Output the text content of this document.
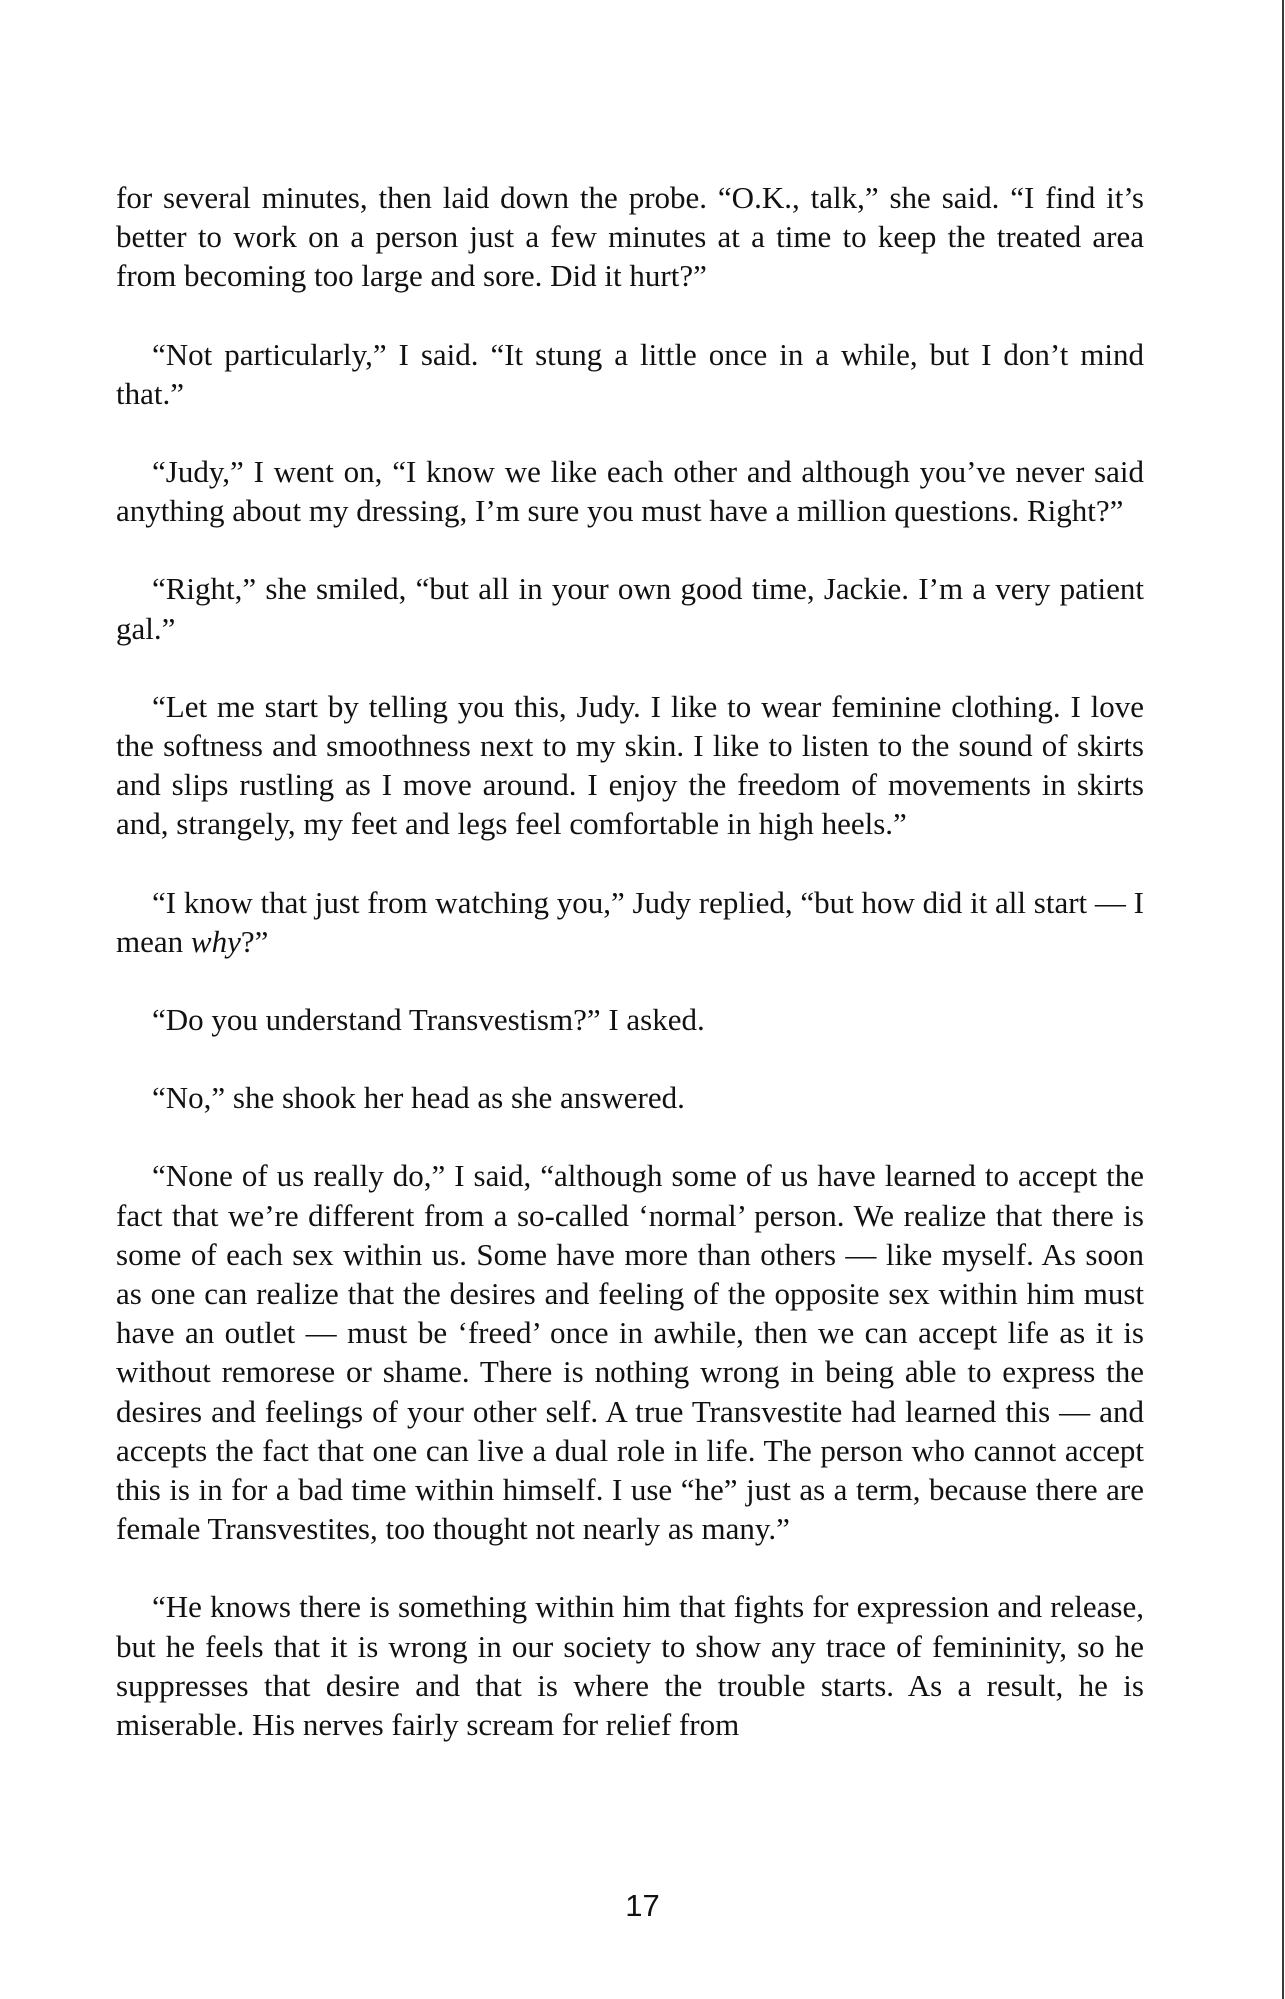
for several minutes, then laid down the probe. “O.K., talk,” she said. “I find it’s better to work on a person just a few minutes at a time to keep the treated area from becoming too large and sore. Did it hurt?”

“Not particularly,” I said. “It stung a little once in a while, but I don’t mind that.”

“Judy,” I went on, “I know we like each other and although you’ve never said anything about my dressing, I’m sure you must have a million questions. Right?”

“Right,” she smiled, “but all in your own good time, Jackie. I’m a very patient gal.”

“Let me start by telling you this, Judy. I like to wear feminine clothing. I love the softness and smoothness next to my skin. I like to listen to the sound of skirts and slips rustling as I move around. I enjoy the freedom of movements in skirts and, strangely, my feet and legs feel comfortable in high heels.”

“I know that just from watching you,” Judy replied, “but how did it all start — I mean why?”

“Do you understand Transvestism?” I asked.

“No,” she shook her head as she answered.

“None of us really do,” I said, “although some of us have learned to accept the fact that we’re different from a so-called ‘normal’ person. We realize that there is some of each sex within us. Some have more than others — like myself. As soon as one can realize that the desires and feeling of the opposite sex within him must have an outlet — must be ‘freed’ once in awhile, then we can accept life as it is without remorese or shame. There is nothing wrong in being able to express the desires and feelings of your other self. A true Transvestite had learned this — and accepts the fact that one can live a dual role in life. The person who cannot accept this is in for a bad time within himself. I use “he” just as a term, because there are female Transvestites, too thought not nearly as many.”

“He knows there is something within him that fights for expression and release, but he feels that it is wrong in our society to show any trace of femininity, so he suppresses that desire and that is where the trouble starts. As a result, he is miserable. His nerves fairly scream for relief from

17
